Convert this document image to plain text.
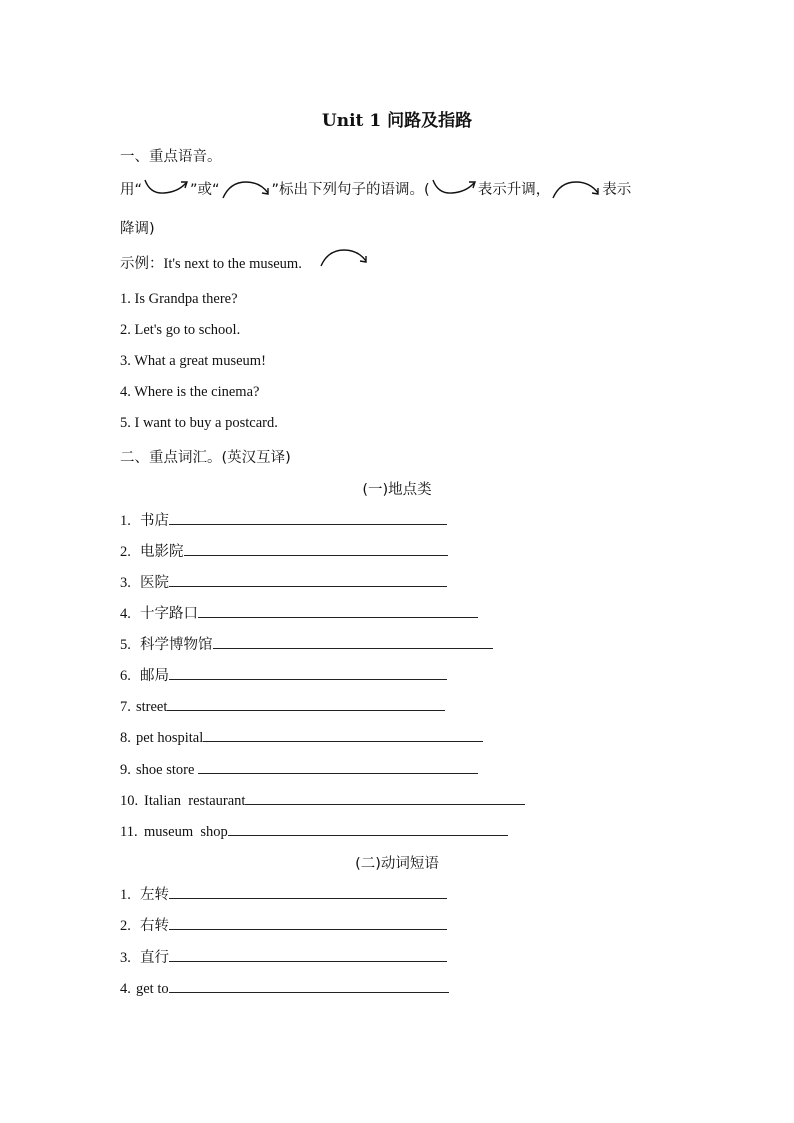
Unit 1 问路及指路
一、重点语音。
用“	”或“	”标出下列句子的语调。(	表示升调，	表示
降调)
示例：It's next to the museum.
1. Is Grandpa there?
2. Let's go to school.
3. What a great museum!
4. Where is the cinema?
5. I want to buy a postcard.
二、重点词汇。(英汉互译)
(一)地点类
1. 书店
2. 电影院
3. 医院
4. 十字路口
5. 科学博物馆
6. 邮局
7. street
8. pet hospital
9. shoe store
10. Italian  restaurant
11. museum  shop
(二)动词短语
1. 左转
2. 右转
3. 直行
4. get to
